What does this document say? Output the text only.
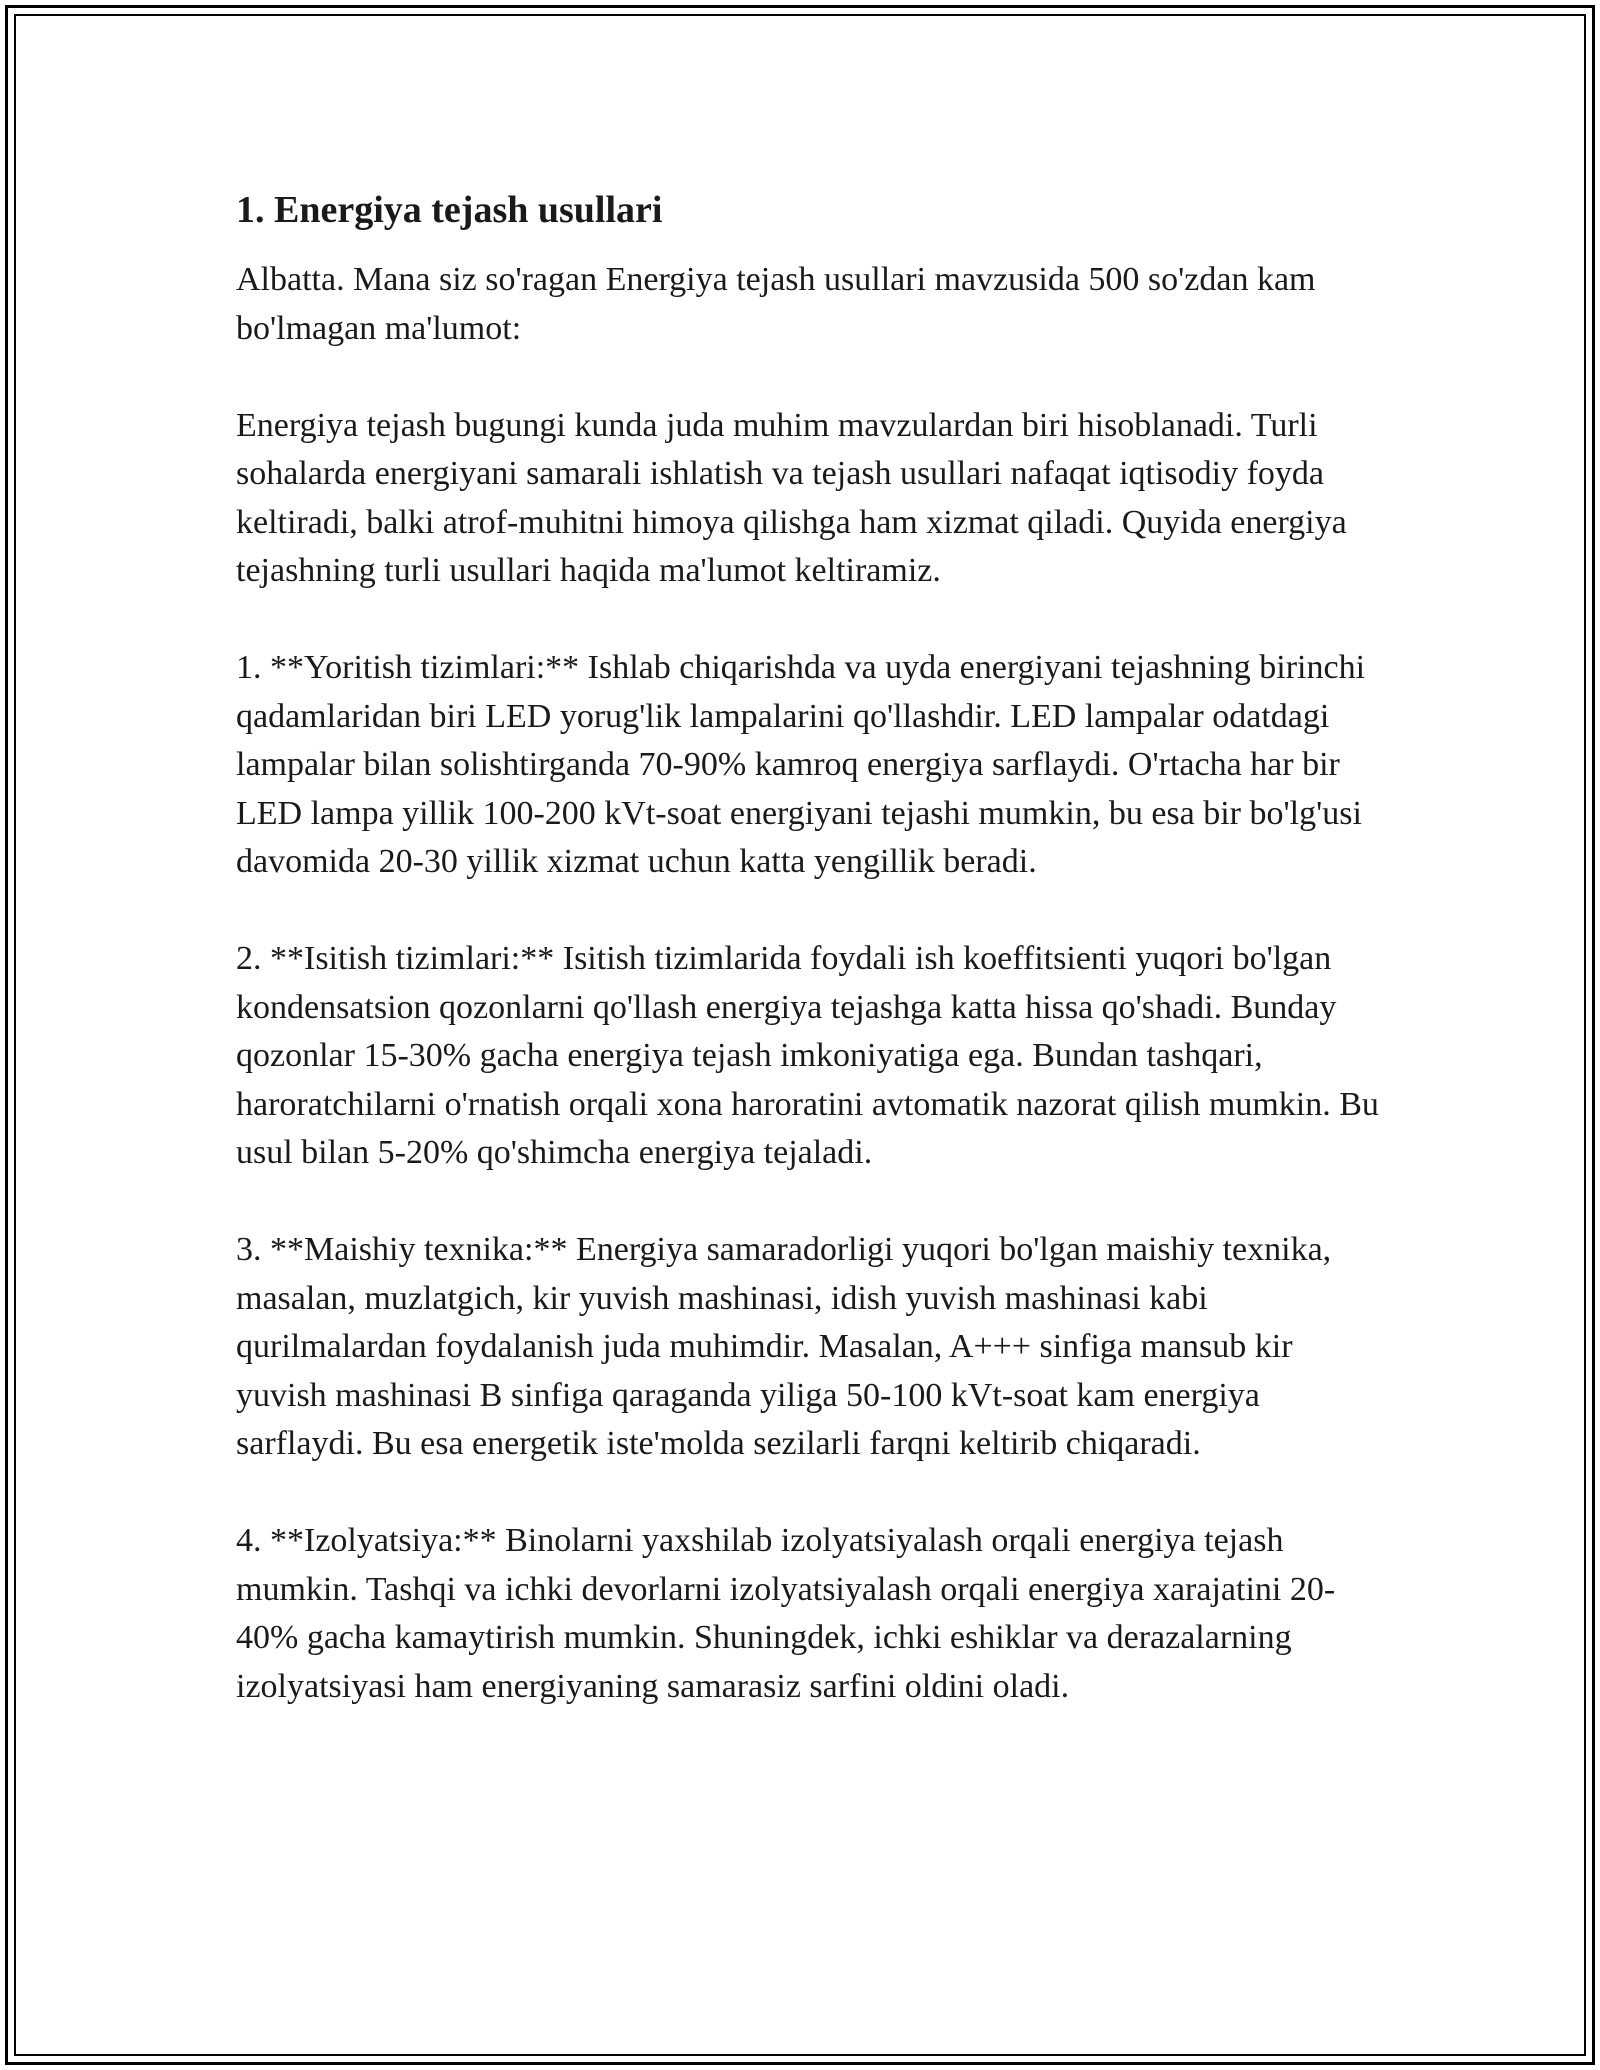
1. Energiya tejash usullari

Albatta. Mana siz so'ragan Energiya tejash usullari mavzusida 500 so'zdan kam bo'lmagan ma'lumot:

Energiya tejash bugungi kunda juda muhim mavzulardan biri hisoblanadi. Turli sohalarda energiyani samarali ishlatish va tejash usullari nafaqat iqtisodiy foyda keltiradi, balki atrof-muhitni himoya qilishga ham xizmat qiladi. Quyida energiya tejashning turli usullari haqida ma'lumot keltiramiz.

1. **Yoritish tizimlari:** Ishlab chiqarishda va uyda energiyani tejashning birinchi qadamlaridan biri LED yorug'lik lampalarini qo'llashdir. LED lampalar odatdagi lampalar bilan solishtirganda 70-90% kamroq energiya sarflaydi. O'rtacha har bir LED lampa yillik 100-200 kVt-soat energiyani tejashi mumkin, bu esa bir bo'lg'usi davomida 20-30 yillik xizmat uchun katta yengillik beradi.

2. **Isitish tizimlari:** Isitish tizimlarida foydali ish koeffitsienti yuqori bo'lgan kondensatsion qozonlarni qo'llash energiya tejashga katta hissa qo'shadi. Bunday qozonlar 15-30% gacha energiya tejash imkoniyatiga ega. Bundan tashqari, haroratchilarni o'rnatish orqali xona haroratini avtomatik nazorat qilish mumkin. Bu usul bilan 5-20% qo'shimcha energiya tejaladi.

3. **Maishiy texnika:** Energiya samaradorligi yuqori bo'lgan maishiy texnika, masalan, muzlatgich, kir yuvish mashinasi, idish yuvish mashinasi kabi qurilmalardan foydalanish juda muhimdir. Masalan, A+++ sinfiga mansub kir yuvish mashinasi B sinfiga qaraganda yiliga 50-100 kVt-soat kam energiya sarflaydi. Bu esa energetik iste'molda sezilarli farqni keltirib chiqaradi.

4. **Izolyatsiya:** Binolarni yaxshilab izolyatsiyalash orqali energiya tejash mumkin. Tashqi va ichki devorlarni izolyatsiyalash orqali energiya xarajatini 20-40% gacha kamaytirish mumkin. Shuningdek, ichki eshiklar va derazalarning izolyatsiyasi ham energiyaning samarasiz sarfini oldini oladi.
